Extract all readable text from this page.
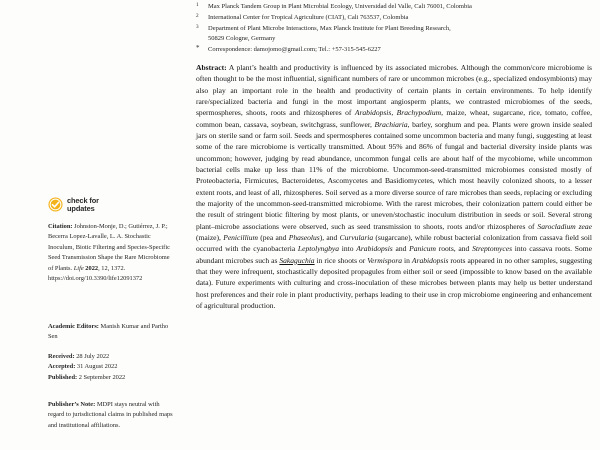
check for
updates
Citation: Johnston-Monje, D.; Gutiérrez, J. P.; Becerra Lopez-Lavalle, L. A. Stochastic Inoculum, Biotic Filtering and Species-Specific Seed Transmission Shape the Rare Microbiome of Plants. Life 2022, 12, 1372. https://doi.org/10.3390/life12091372
Academic Editors: Manish Kumar and Partho Sen
Received: 28 July 2022
Accepted: 31 August 2022
Published: 2 September 2022
Publisher’s Note: MDPI stays neutral with regard to jurisdictional claims in published maps and institutional affiliations.
1	Max Planck Tandem Group in Plant Microbial Ecology, Universidad del Valle, Cali 76001, Colombia
2	International Center for Tropical Agriculture (CIAT), Cali 763537, Colombia
3	Department of Plant Microbe Interactions, Max Planck Institute for Plant Breeding Research,
50829 Cologne, Germany
*	Correspondence: damojomo@gmail.com; Tel.: +57-315-545-6227
Abstract: A plant’s health and productivity is influenced by its associated microbes. Although the common/core microbiome is often thought to be the most influential, significant numbers of rare or uncommon microbes (e.g., specialized endosymbionts) may also play an important role in the health and productivity of certain plants in certain environments. To help identify rare/specialized bacteria and fungi in the most important angiosperm plants, we contrasted microbiomes of the seeds, spermospheres, shoots, roots and rhizospheres of Arabidopsis, Brachypodium, maize, wheat, sugarcane, rice, tomato, coffee, common bean, cassava, soybean, switchgrass, sunflower, Brachiaria, barley, sorghum and pea. Plants were grown inside sealed jars on sterile sand or farm soil. Seeds and spermospheres contained some uncommon bacteria and many fungi, suggesting at least some of the rare microbiome is vertically transmitted. About 95% and 86% of fungal and bacterial diversity inside plants was uncommon; however, judging by read abundance, uncommon fungal cells are about half of the mycobiome, while uncommon bacterial cells make up less than 11% of the microbiome. Uncommon-seed-transmitted microbiomes consisted mostly of Proteobacteria, Firmicutes, Bacteroidetes, Ascomycetes and Basidiomycetes, which most heavily colonized shoots, to a lesser extent roots, and least of all, rhizospheres. Soil served as a more diverse source of rare microbes than seeds, replacing or excluding the majority of the uncommon-seed-transmitted microbiome. With the rarest microbes, their colonization pattern could either be the result of stringent biotic filtering by most plants, or uneven/stochastic inoculum distribution in seeds or soil. Several strong plant–microbe associations were observed, such as seed transmission to shoots, roots and/or rhizospheres of Sarocladium zeae (maize), Penicillium (pea and Phaseolus), and Curvularia (sugarcane), while robust bacterial colonization from cassava field soil occurred with the cyanobacteria Leptolyngbya into Arabidopsis and Panicum roots, and Streptomyces into cassava roots. Some abundant microbes such as Sakaguchia in rice shoots or Vermispora in Arabidopsis roots appeared in no other samples, suggesting that they were infrequent, stochastically deposited propagules from either soil or seed (impossible to know based on the available data). Future experiments with culturing and cross-inoculation of these microbes between plants may help us better understand host preferences and their role in plant productivity, perhaps leading to their use in crop microbiome engineering and enhancement of agricultural production.
